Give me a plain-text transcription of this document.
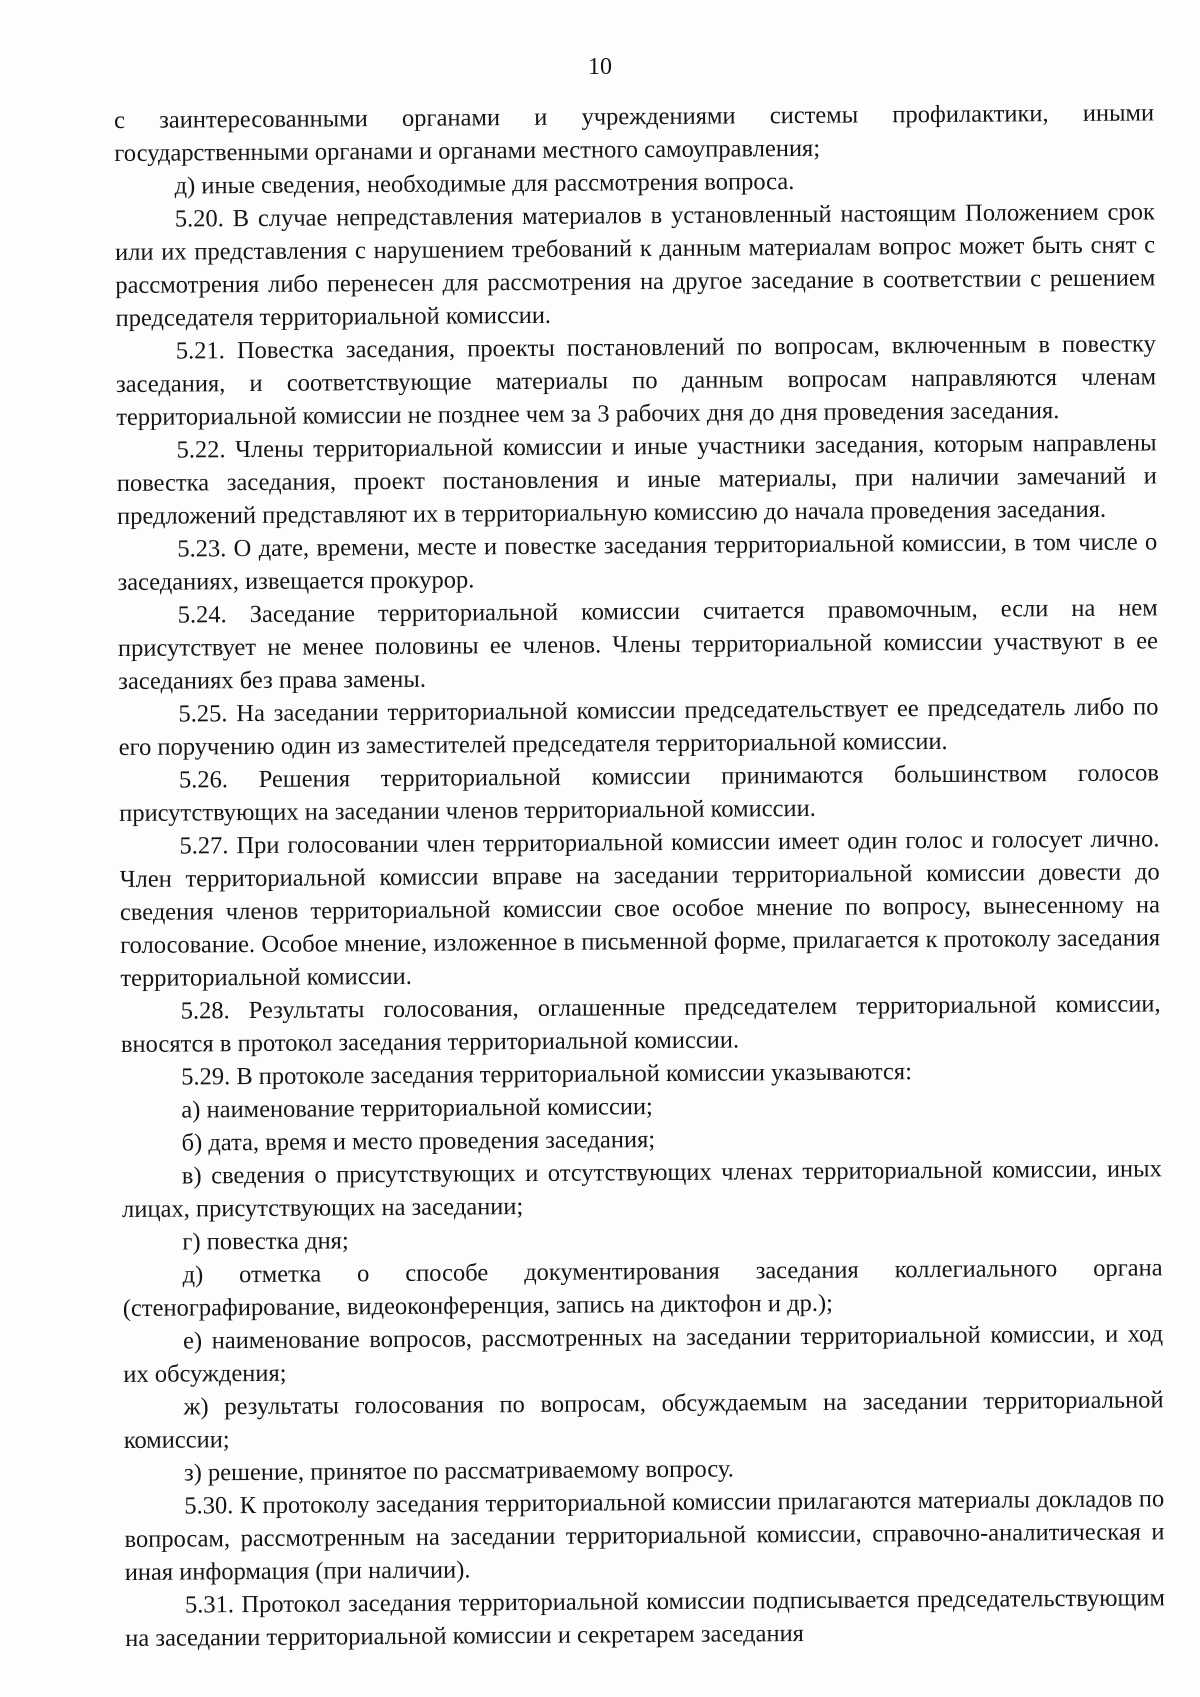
10

с заинтересованными органами и учреждениями системы профилактики, иными государственными органами и органами местного самоуправления;

д) иные сведения, необходимые для рассмотрения вопроса.

5.20. В случае непредставления материалов в установленный настоящим Положением срок или их представления с нарушением требований к данным материалам вопрос может быть снят с рассмотрения либо перенесен для рассмотрения на другое заседание в соответствии с решением председателя территориальной комиссии.

5.21. Повестка заседания, проекты постановлений по вопросам, включенным в повестку заседания, и соответствующие материалы по данным вопросам направляются членам территориальной комиссии не позднее чем за 3 рабочих дня до дня проведения заседания.

5.22. Члены территориальной комиссии и иные участники заседания, которым направлены повестка заседания, проект постановления и иные материалы, при наличии замечаний и предложений представляют их в территориальную комиссию до начала проведения заседания.

5.23. О дате, времени, месте и повестке заседания территориальной комиссии, в том числе о заседаниях, извещается прокурор.

5.24. Заседание территориальной комиссии считается правомочным, если на нем присутствует не менее половины ее членов. Члены территориальной комиссии участвуют в ее заседаниях без права замены.

5.25. На заседании территориальной комиссии председательствует ее председатель либо по его поручению один из заместителей председателя территориальной комиссии.

5.26. Решения территориальной комиссии принимаются большинством голосов присутствующих на заседании членов территориальной комиссии.

5.27. При голосовании член территориальной комиссии имеет один голос и голосует лично. Член территориальной комиссии вправе на заседании территориальной комиссии довести до сведения членов территориальной комиссии свое особое мнение по вопросу, вынесенному на голосование. Особое мнение, изложенное в письменной форме, прилагается к протоколу заседания территориальной комиссии.

5.28. Результаты голосования, оглашенные председателем территориальной комиссии, вносятся в протокол заседания территориальной комиссии.

5.29. В протоколе заседания территориальной комиссии указываются:

а) наименование территориальной комиссии;

б) дата, время и место проведения заседания;

в) сведения о присутствующих и отсутствующих членах территориальной комиссии, иных лицах, присутствующих на заседании;

г) повестка дня;

д) отметка о способе документирования заседания коллегиального органа (стенографирование, видеоконференция, запись на диктофон и др.);

е) наименование вопросов, рассмотренных на заседании территориальной комиссии, и ход их обсуждения;

ж) результаты голосования по вопросам, обсуждаемым на заседании территориальной комиссии;

з) решение, принятое по рассматриваемому вопросу.

5.30. К протоколу заседания территориальной комиссии прилагаются материалы докладов по вопросам, рассмотренным на заседании территориальной комиссии, справочно-аналитическая и иная информация (при наличии).

5.31. Протокол заседания территориальной комиссии подписывается председательствующим на заседании территориальной комиссии и секретарем заседания
